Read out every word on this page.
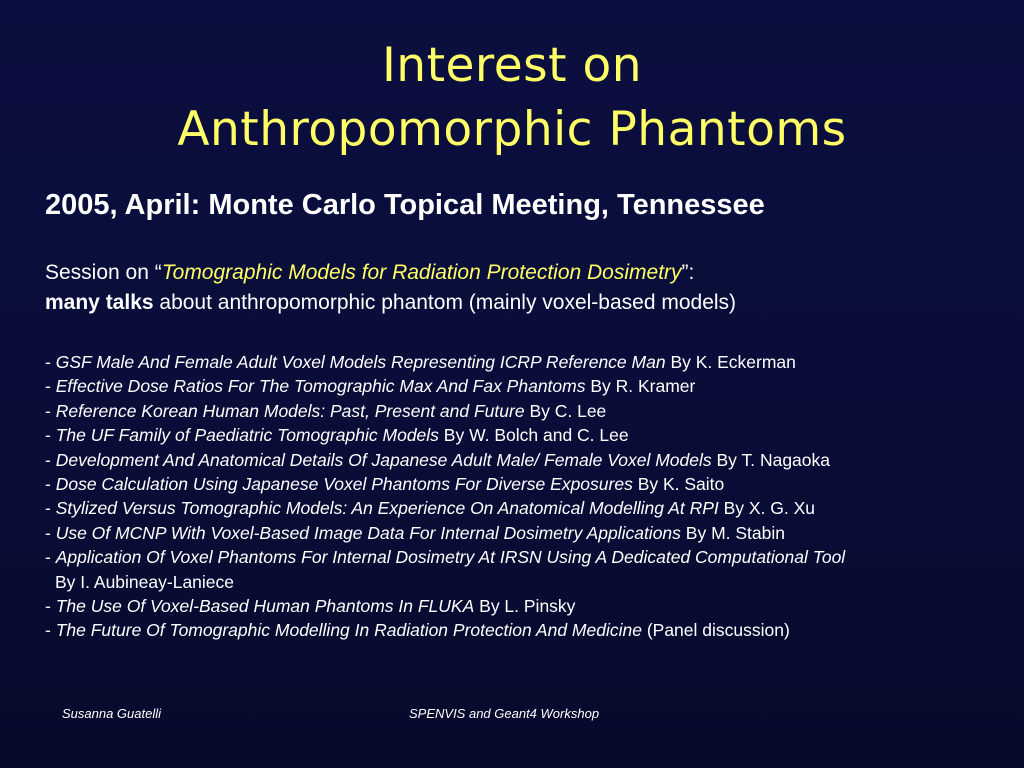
Interest on
Anthropomorphic Phantoms
2005, April: Monte Carlo Topical Meeting, Tennessee
Session on “Tomographic Models for Radiation Protection Dosimetry”:
many talks about anthropomorphic phantom (mainly voxel-based models)
- GSF Male And Female Adult Voxel Models Representing ICRP Reference Man By K. Eckerman
- Effective Dose Ratios For The Tomographic Max And Fax Phantoms By R. Kramer
- Reference Korean Human Models: Past, Present and Future By C. Lee
- The UF Family of Paediatric Tomographic Models By W. Bolch and C. Lee
- Development And Anatomical Details Of Japanese Adult Male/ Female Voxel Models By T. Nagaoka
- Dose Calculation Using Japanese Voxel Phantoms For Diverse Exposures By K. Saito
- Stylized Versus Tomographic Models: An Experience On Anatomical Modelling At RPI By X. G. Xu
- Use Of MCNP With Voxel-Based Image Data For Internal Dosimetry Applications By M. Stabin
- Application Of Voxel Phantoms For Internal Dosimetry At IRSN Using A Dedicated Computational Tool
By I. Aubineay-Laniece
- The Use Of Voxel-Based Human Phantoms In FLUKA By L. Pinsky
- The Future Of Tomographic Modelling In Radiation Protection And Medicine (Panel discussion)
Susanna Guatelli	SPENVIS and Geant4 Workshop
